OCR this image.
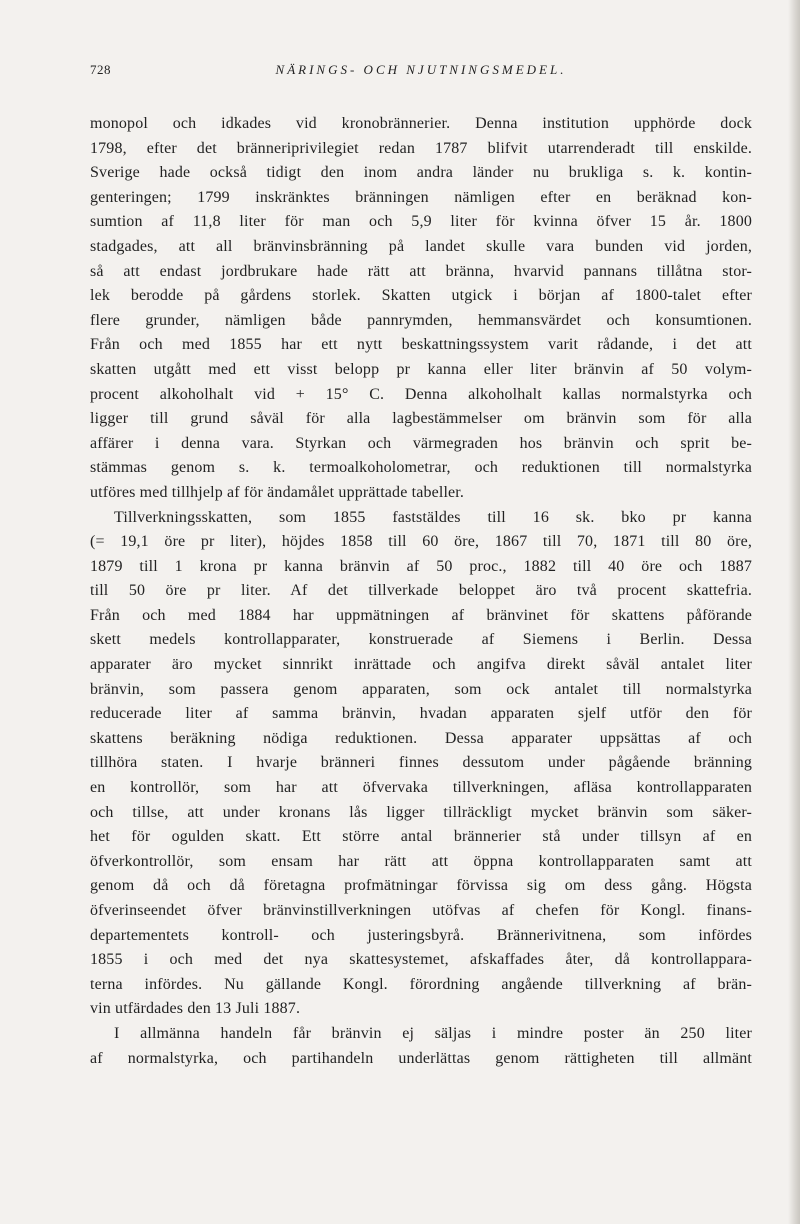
728	NÄRINGS- OCH NJUTNINGSMEDEL.
monopol och idkades vid kronobrännerier. Denna institution upphörde dock
1798, efter det bränneriprivilegiet redan 1787 blifvit utarrenderadt till enskilde.
Sverige hade också tidigt den inom andra länder nu brukliga s. k. kontin-
genteringen; 1799 inskränktes bränningen nämligen efter en beräknad kon-
sumtion af 11,8 liter för man och 5,9 liter för kvinna öfver 15 år. 1800
stadgades, att all bränvinsbränning på landet skulle vara bunden vid jorden,
så att endast jordbrukare hade rätt att bränna, hvarvid pannans tillåtna stor-
lek berodde på gårdens storlek. Skatten utgick i början af 1800-talet efter
flere grunder, nämligen både pannrymden, hemmansvärdet och konsumtionen.
Från och med 1855 har ett nytt beskattningssystem varit rådande, i det att
skatten utgått med ett visst belopp pr kanna eller liter bränvin af 50 volym-
procent alkoholhalt vid + 15° C. Denna alkoholhalt kallas normalstyrka och
ligger till grund såväl för alla lagbestämmelser om bränvin som för alla
affärer i denna vara. Styrkan och värmegraden hos bränvin och sprit be-
stämmas genom s. k. termoalkoholometrar, och reduktionen till normalstyrka
utföres med tillhjelp af för ändamålet upprättade tabeller.
Tillverkningsskatten, som 1855 faststäldes till 16 sk. bko pr kanna
(= 19,1 öre pr liter), höjdes 1858 till 60 öre, 1867 till 70, 1871 till 80 öre,
1879 till 1 krona pr kanna bränvin af 50 proc., 1882 till 40 öre och 1887
till 50 öre pr liter. Af det tillverkade beloppet äro två procent skattefria.
Från och med 1884 har uppmätningen af bränvinet för skattens påförande
skett medels kontrollapparater, konstruerade af Siemens i Berlin. Dessa
apparater äro mycket sinnrikt inrättade och angifva direkt såväl antalet liter
bränvin, som passera genom apparaten, som ock antalet till normalstyrka
reducerade liter af samma bränvin, hvadan apparaten sjelf utför den för
skattens beräkning nödiga reduktionen. Dessa apparater uppsättas af och
tillhöra staten. I hvarje bränneri finnes dessutom under pågående bränning
en kontrollör, som har att öfvervaka tillverkningen, afläsa kontrollapparaten
och tillse, att under kronans lås ligger tillräckligt mycket bränvin som säker-
het för ogulden skatt. Ett större antal brännerier stå under tillsyn af en
öfverkontrollör, som ensam har rätt att öppna kontrollapparaten samt att
genom då och då företagna profmätningar förvissa sig om dess gång. Högsta
öfverinseendet öfver bränvinstillverkningen utöfvas af chefen för Kongl. finans-
departementets kontroll- och justeringsbyrå. Brännerivitnena, som infördes
1855 i och med det nya skattesystemet, afskaffades åter, då kontrollappara-
terna infördes. Nu gällande Kongl. förordning angående tillverkning af brän-
vin utfärdades den 13 Juli 1887.
I allmänna handeln får bränvin ej säljas i mindre poster än 250 liter
af normalstyrka, och partihandeln underlättas genom rättigheten till allmänt
